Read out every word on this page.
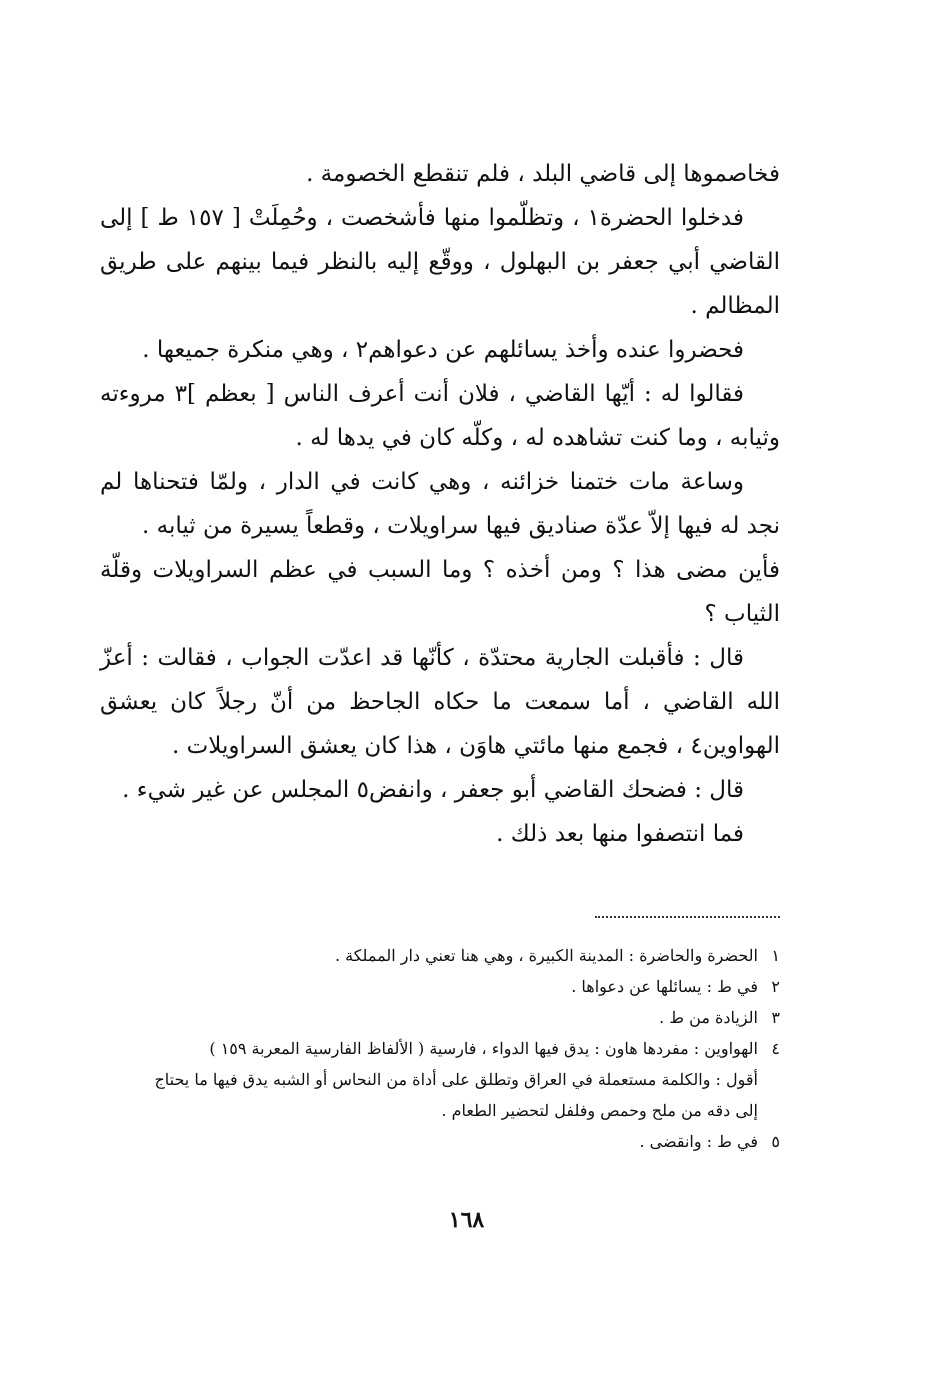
فخاصموها إلى قاضي البلد ، فلم تنقطع الخصومة .

فدخلوا الحضرة١ ، وتظلّموا منها فأشخصت ، وحُمِلَتْ [ ١٥٧ ط ] إلى القاضي أبي جعفر بن البهلول ، ووقّع إليه بالنظر فيما بينهم على طريق المظالم .

فحضروا عنده وأخذ يسائلهم عن دعواهم٢ ، وهي منكرة جميعها .

فقالوا له : أيّها القاضي ، فلان أنت أعرف الناس [ بعظم ]٣ مروءته وثيابه ، وما كنت تشاهده له ، وكلّه كان في يدها له .

وساعة مات ختمنا خزائنه ، وهي كانت في الدار ، ولمّا فتحناها لم نجد له فيها إلاّ عدّة صناديق فيها سراويلات ، وقطعاً يسيرة من ثيابه .

فأين مضى هذا ؟ ومن أخذه ؟ وما السبب في عظم السراويلات وقلّة الثياب ؟

قال : فأقبلت الجارية محتدّة ، كأنّها قد اعدّت الجواب ، فقالت : أعزّ الله القاضي ، أما سمعت ما حكاه الجاحظ من أنّ رجلاً كان يعشق الهواوين٤ ، فجمع منها مائتي هاوَن ، هذا كان يعشق السراويلات .

قال : فضحك القاضي أبو جعفر ، وانفض٥ المجلس عن غير شيء .

فما انتصفوا منها بعد ذلك .

١الحضرة والحاضرة : المدينة الكبيرة ، وهي هنا تعني دار المملكة .

٢في ط : يسائلها عن دعواها .

٣الزيادة من ط .

٤الهواوين : مفردها هاون : يدق فيها الدواء ، فارسية ( الألفاظ الفارسية المعربة ١٥٩ )

أقول : والكلمة مستعملة في العراق وتطلق على أداة من النحاس أو الشبه يدق فيها ما يحتاج

إلى دقه من ملح وحمص وفلفل لتحضير الطعام .

٥في ط : وانقضى .

١٦٨
